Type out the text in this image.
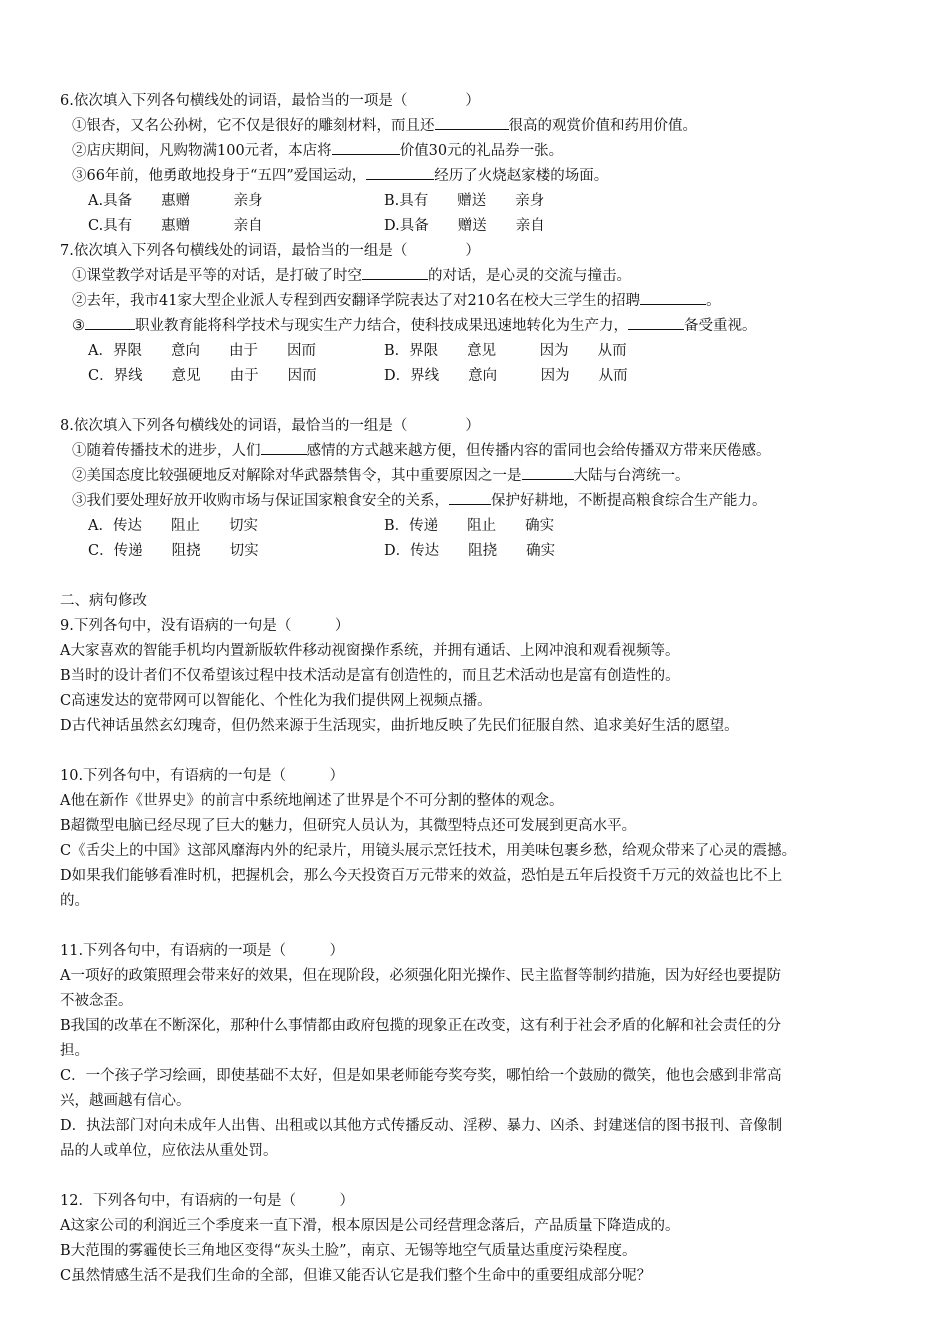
6.依次填入下列各句横线处的词语，最恰当的一项是（　　　　）
①银杏，又名公孙树，它不仅是很好的雕刻材料，而且还	很高的观赏价值和药用价值。
②店庆期间，凡购物满100元者，本店将	价值30元的礼品券一张。
③66年前，他勇敢地投身于“五四”爱国运动，	经历了火烧赵家楼的场面。
A.具备　　惠赠　　　亲身	B.具有　　赠送　　亲身
C.具有　　惠赠　　　亲自	D.具备　　赠送　　亲自
7.依次填入下列各句横线处的词语，最恰当的一组是（　　　　）
①课堂教学对话是平等的对话，是打破了时空	的对话，是心灵的交流与撞击。
②去年，我市41家大型企业派人专程到西安翻译学院表达了对210名在校大三学生的招聘	。
③	职业教育能将科学技术与现实生产力结合，使科技成果迅速地转化为生产力，	备受重视。
A．界限　　意向　　由于　　因而	B．界限　　意见　　　因为　　从而
C．界线　　意见　　由于　　因而	D．界线　　意向　　　因为　　从而
8.依次填入下列各句横线处的词语，最恰当的一组是（　　　　）
①随着传播技术的进步，人们	感情的方式越来越方便，但传播内容的雷同也会给传播双方带来厌倦感。
②美国态度比较强硬地反对解除对华武器禁售令，其中重要原因之一是	大陆与台湾统一。
③我们要处理好放开收购市场与保证国家粮食安全的关系，	保护好耕地，不断提高粮食综合生产能力。
A．传达　　阻止　　切实	B．传递　　阻止　　确实
C．传递　　阻挠　　切实	D．传达　　阻挠　　确实
二、病句修改
9.下列各句中，没有语病的一句是（　　　）
A大家喜欢的智能手机均内置新版软件移动视窗操作系统，并拥有通话、上网冲浪和观看视频等。
B当时的设计者们不仅希望该过程中技术活动是富有创造性的，而且艺术活动也是富有创造性的。
C高速发达的宽带网可以智能化、个性化为我们提供网上视频点播。
D古代神话虽然玄幻瑰奇，但仍然来源于生活现实，曲折地反映了先民们征服自然、追求美好生活的愿望。
10.下列各句中，有语病的一句是（　　　）
A他在新作《世界史》的前言中系统地阐述了世界是个不可分割的整体的观念。
B超微型电脑已经尽现了巨大的魅力，但研究人员认为，其微型特点还可发展到更高水平。
C《舌尖上的中国》这部风靡海内外的纪录片，用镜头展示烹饪技术，用美味包裹乡愁，给观众带来了心灵的震撼。
D如果我们能够看准时机，把握机会，那么今天投资百万元带来的效益，恐怕是五年后投资千万元的效益也比不上
的。
11.下列各句中，有语病的一项是（　　　）
A一项好的政策照理会带来好的效果，但在现阶段，必须强化阳光操作、民主监督等制约措施，因为好经也要提防
不被念歪。
B我国的改革在不断深化，那种什么事情都由政府包揽的现象正在改变，这有利于社会矛盾的化解和社会责任的分
担。
C．一个孩子学习绘画，即使基础不太好，但是如果老师能夸奖夸奖，哪怕给一个鼓励的微笑，他也会感到非常高
兴，越画越有信心。
D．执法部门对向未成年人出售、出租或以其他方式传播反动、淫秽、暴力、凶杀、封建迷信的图书报刊、音像制
品的人或单位，应依法从重处罚。
12．下列各句中，有语病的一句是（　　　）
A这家公司的利润近三个季度来一直下滑，根本原因是公司经营理念落后，产品质量下降造成的。
B大范围的雾霾使长三角地区变得“灰头土脸”，南京、无锡等地空气质量达重度污染程度。
C虽然情感生活不是我们生命的全部，但谁又能否认它是我们整个生命中的重要组成部分呢？
